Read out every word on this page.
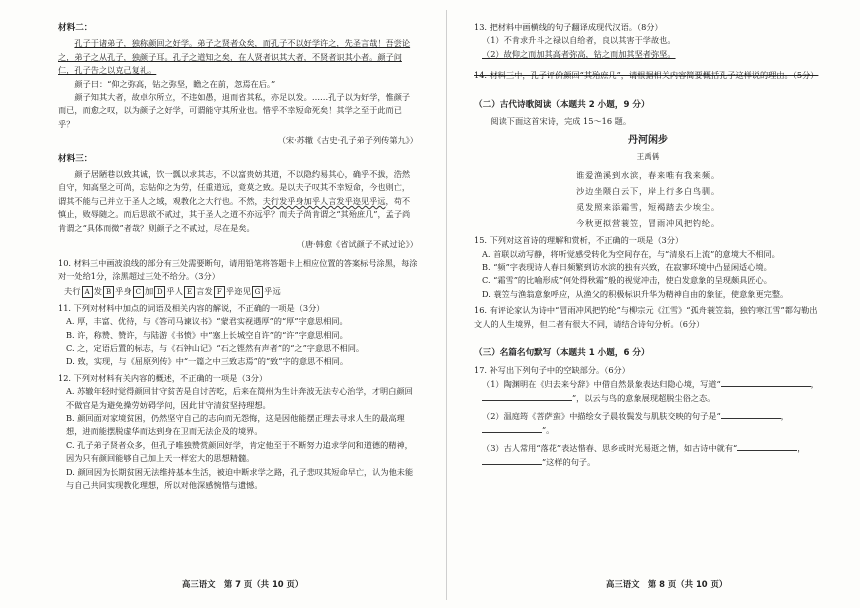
材料二：

孔子于诸弟子，独称颜回之好学。弟子之贤者众矣，而孔子不以好学许之，先圣言哉！吾尝论之，弟子之从孔子，独颜子耳。孔子之道知之矣，在人贤者识其大者，不贤者识其小者。颜子问仁，孔子告之以克己复礼。

颜子曰：“仰之弥高，钻之弥坚，瞻之在前，忽焉在后。”

颜子知其大者，故卓尔所立，不违如愚，退而省其私，亦足以发。……孔子以为好学，惟颜子而已，而愈之叹，以为颜子之好学，可谓能守其所业也。惜乎不幸短命死矣！其学之至于此而已乎？

（宋·苏辙《古史·孔子弟子列传第九》）
材料三：

颜子居陋巷以致其诚，饮一瓢以求其志，不以富贵妨其道，不以隐约易其心，确乎不拔，浩然自守，知高坚之可尚，忘钻仰之为劳，任重道远，竟莫之致。是以夫子叹其不幸短命，今也则亡，谓其不能与己并立于圣人之域，观教化之大行也。不然，夫行发乎身加乎人言发乎迩见乎远，苟不慎止，败辱随之。而后思欲不贰过，其于圣人之道不亦远乎？而夫子尚肯谓之“其殆庶几”，孟子尚肯谓之“具体而微”者哉？则颜子之不贰过，尽在是矣。

（唐·韩愈《省试颜子不贰过论》）
10. 材料三中画波浪线的部分有三处需要断句，请用铅笔将答题卡上相应位置的答案标号涂黑，每涂对一处给1分，涂黑超过三处不给分。（3分）
夫行 A 发 B 乎身 C 加 D 乎人 E 言发 F 乎迩见 G 乎远
11. 下列对材料中加点的词语及相关内容的解说，不正确的一项是（3分）
A. 厚，丰富、优待，与《答司马谏议书》“蒙君实视遇厚”的“厚”字意思相同。
B. 许，称赞、赞许，与陆游《书愤》中“塞上长城空自许”的“许”字意思相同。
C. 之，定语后置的标志，与《石钟山记》“石之铿然有声者”的“之”字意思不相同。
D. 致，实现，与《屈原列传》中“一篇之中三致志焉”的“致”字的意思不相同。
12. 下列对材料有关内容的概述，不正确的一项是（3分）
A. 苏辙年轻时觉得颜回甘守贫苦是自讨苦吃，后来在简州为生计奔波无法专心治学，才明白颜回不做官是为避免操劳妨碍学问，因此甘守清贫坚持理想。
B. 颜回面对家境贫困，仍然坚守自己的志向而无怨悔，这是因他能摆正理去寻求人生的最高理想，进而能摆脱虚华而达到身在卫而无法企及的境界。
C. 孔子弟子贤者众多，但孔子唯独赞赏颜回好学，肯定他至于不断努力追求学问和道德的精神，因为只有颜回能够自己加上天一样宏大的思想精髓。
D. 颜回因为长期贫困无法维持基本生活，被迫中断求学之路，孔子悲叹其短命早亡，认为他未能与自己共同实现教化理想，所以对他深感惋惜与遗憾。
13. 把材料中画横线的句子翻译成现代汉语。（8分）
（1）不肯求升斗之禄以自给者，良以其害于学故也。
（2）故仰之而加其高者弥高，钻之而加其坚者弥坚。
14. 材料三中，孔子评价颜回“其殆庶几”，请根据相关内容简要概括孔子这样说的理由。（5分）
（二）古代诗歌阅读（本题共 2 小题，9 分）

阅读下面这首宋诗，完成 15～16 题。

丹河闲步
王禹偁
谁爱渔溪到水滨，春来唯有我来频。
沙边坐隈白云下，岸上行多白鸟驯。
觅发照来添霜雪，短褐踏去少埃尘。
今秋更拟营蓑笠，冒雨冲风把钓纶。
15. 下列对这首诗的理解和赏析，不正确的一项是（3分）
A. 首联以动写静，将听觉感受转化为空间存在，与“清泉石上流”的意境大不相同。
B. “频”字表现诗人春日频繁到访水滨的独有兴致，在寂寥环境中凸显闲适心境。
C. “霜雪”的比喻形成“何处得秋霜”般的视觉冲击，使白发意象的呈现颇具匠心。
D. 蓑笠与渔翁意象呼应，从渔父的积极标识升华为精神自由的象征，使意象更完整。
16. 有评论家认为诗中“冒雨冲风把钓纶”与柳宗元《江雪》“孤舟蓑笠翁，独钓寒江雪”都勾勒出文人的人生境界，但二者有很大不同，请结合诗句分析。（6分）
（三）名篇名句默写（本题共 1 小题，6 分）
17. 补写出下列句子中的空缺部分。（6分）
（1）陶渊明在《归去来兮辞》中借自然景象表达归隐心境，写道“	，”，以云与鸟的意象展现超脱尘俗之态。
（2）温庭筠《菩萨蛮》中描绘女子晨妆鬓发与肌肤交映的句子是“	，”。
（3）古人常用“落花”表达惜春、思乡或时光易逝之情，如古诗中就有“	，”这样的句子。
高三语文　第 7 页（共 10 页）	高三语文　第 8 页（共 10 页）
